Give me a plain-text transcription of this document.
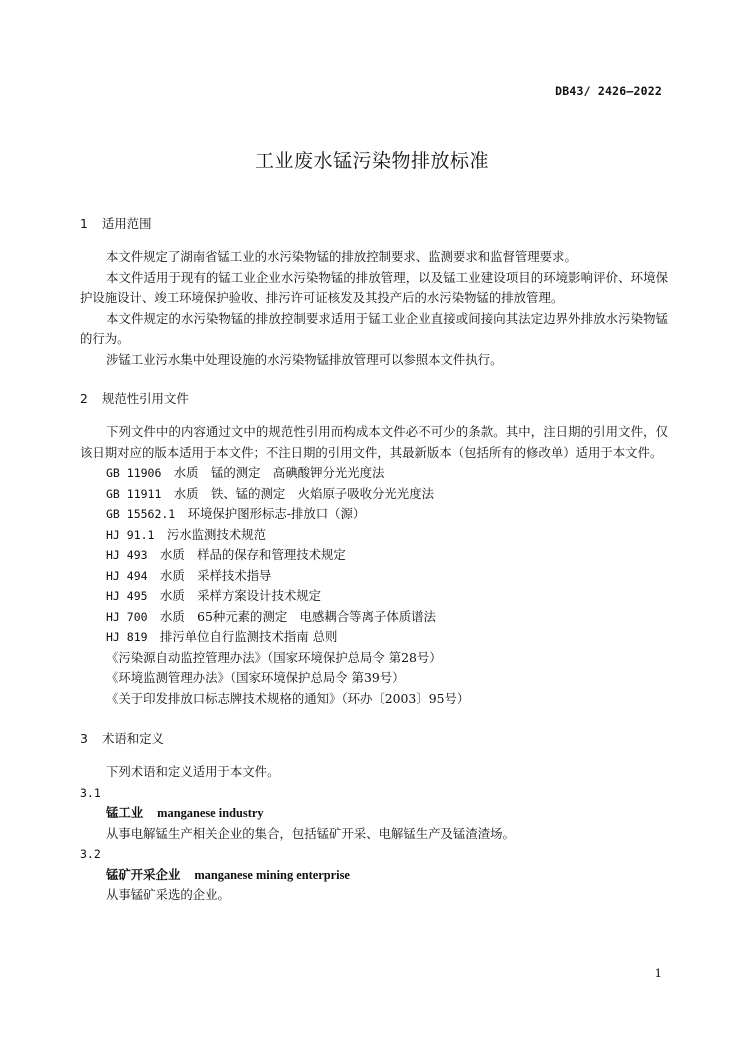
DB43/ 2426—2022
工业废水锰污染物排放标准
1 适用范围
本文件规定了湖南省锰工业的水污染物锰的排放控制要求、监测要求和监督管理要求。
本文件适用于现有的锰工业企业水污染物锰的排放管理，以及锰工业建设项目的环境影响评价、环境保护设施设计、竣工环境保护验收、排污许可证核发及其投产后的水污染物锰的排放管理。
本文件规定的水污染物锰的排放控制要求适用于锰工业企业直接或间接向其法定边界外排放水污染物锰的行为。
涉锰工业污水集中处理设施的水污染物锰排放管理可以参照本文件执行。
2 规范性引用文件
下列文件中的内容通过文中的规范性引用而构成本文件必不可少的条款。其中，注日期的引用文件，仅该日期对应的版本适用于本文件；不注日期的引用文件，其最新版本（包括所有的修改单）适用于本文件。
GB 11906　 水质　锰的测定　高碘酸钾分光光度法
GB 11911　 水质　铁、锰的测定　火焰原子吸收分光光度法
GB 15562.1　 环境保护图形标志-排放口（源）
HJ 91.1　 污水监测技术规范
HJ 493　 水质　样品的保存和管理技术规定
HJ 494　 水质　采样技术指导
HJ 495　 水质　采样方案设计技术规定
HJ 700　 水质　65种元素的测定　电感耦合等离子体质谱法
HJ 819　 排污单位自行监测技术指南 总则
《污染源自动监控管理办法》（国家环境保护总局令 第28号）
《环境监测管理办法》（国家环境保护总局令 第39号）
《关于印发排放口标志牌技术规格的通知》（环办〔2003〕95号）
3 术语和定义
下列术语和定义适用于本文件。
3.1
锰工业 manganese industry
从事电解锰生产相关企业的集合，包括锰矿开采、电解锰生产及锰渣渣场。
3.2
锰矿开采企业 manganese mining enterprise
从事锰矿采选的企业。
1
